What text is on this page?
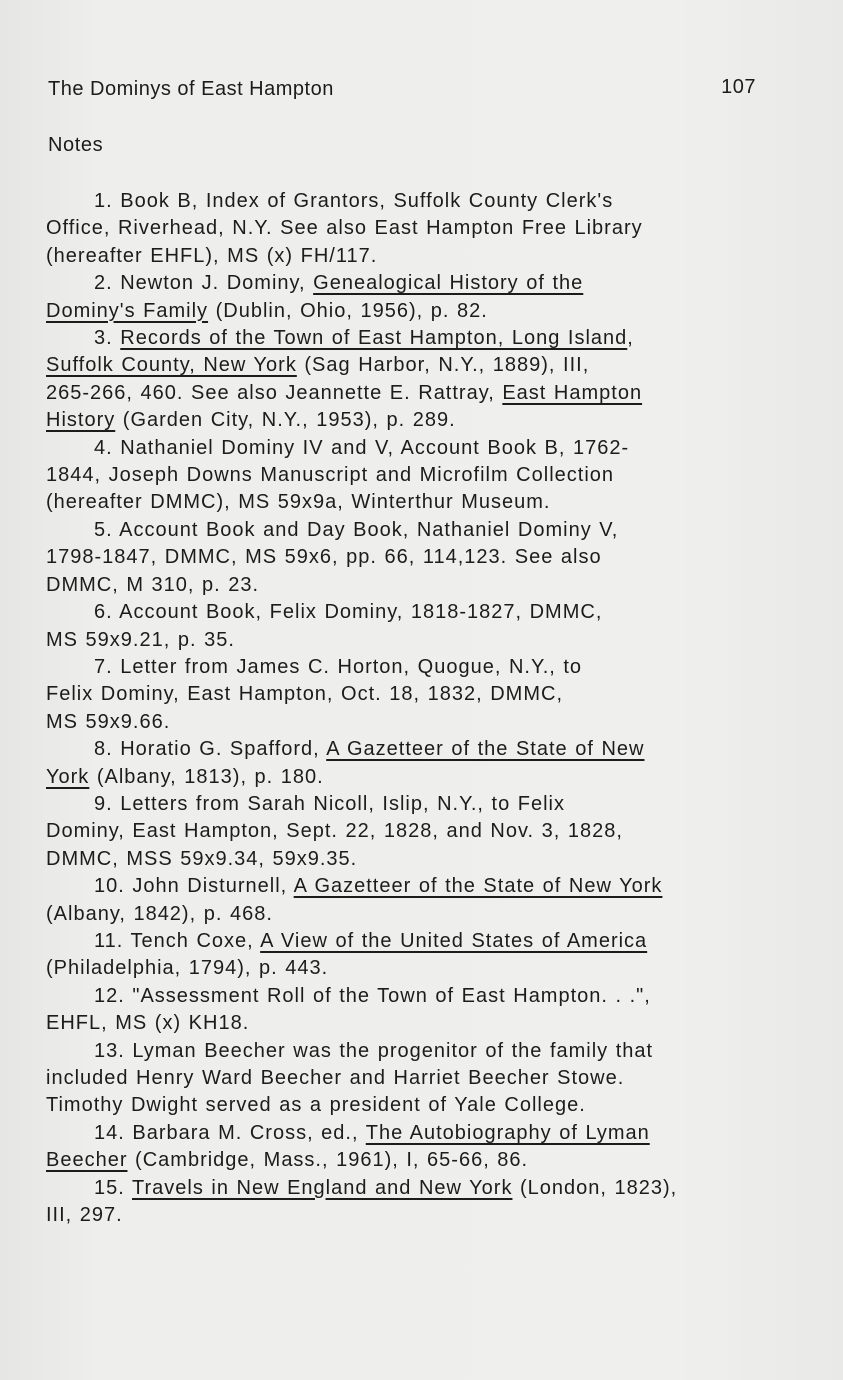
The Dominys of East Hampton	107
Notes
1. Book B, Index of Grantors, Suffolk County Clerk's
Office, Riverhead, N.Y. See also East Hampton Free Library
(hereafter EHFL), MS (x) FH/117.
2. Newton J. Dominy, Genealogical History of the
Dominy's Family (Dublin, Ohio, 1956), p. 82.
3. Records of the Town of East Hampton, Long Island,
Suffolk County, New York (Sag Harbor, N.Y., 1889), III,
265-266, 460. See also Jeannette E. Rattray, East Hampton
History (Garden City, N.Y., 1953), p. 289.
4. Nathaniel Dominy IV and V, Account Book B, 1762-
1844, Joseph Downs Manuscript and Microfilm Collection
(hereafter DMMC), MS 59x9a, Winterthur Museum.
5. Account Book and Day Book, Nathaniel Dominy V,
1798-1847, DMMC, MS 59x6, pp. 66, 114,123. See also
DMMC, M 310, p. 23.
6. Account Book, Felix Dominy, 1818-1827, DMMC,
MS 59x9.21, p. 35.
7. Letter from James C. Horton, Quogue, N.Y., to
Felix Dominy, East Hampton, Oct. 18, 1832, DMMC,
MS 59x9.66.
8. Horatio G. Spafford, A Gazetteer of the State of New
York (Albany, 1813), p. 180.
9. Letters from Sarah Nicoll, Islip, N.Y., to Felix
Dominy, East Hampton, Sept. 22, 1828, and Nov. 3, 1828,
DMMC, MSS 59x9.34, 59x9.35.
10. John Disturnell, A Gazetteer of the State of New York
(Albany, 1842), p. 468.
11. Tench Coxe, A View of the United States of America
(Philadelphia, 1794), p. 443.
12. "Assessment Roll of the Town of East Hampton. . .",
EHFL, MS (x) KH18.
13. Lyman Beecher was the progenitor of the family that
included Henry Ward Beecher and Harriet Beecher Stowe.
Timothy Dwight served as a president of Yale College.
14. Barbara M. Cross, ed., The Autobiography of Lyman
Beecher (Cambridge, Mass., 1961), I, 65-66, 86.
15. Travels in New England and New York (London, 1823),
III, 297.
